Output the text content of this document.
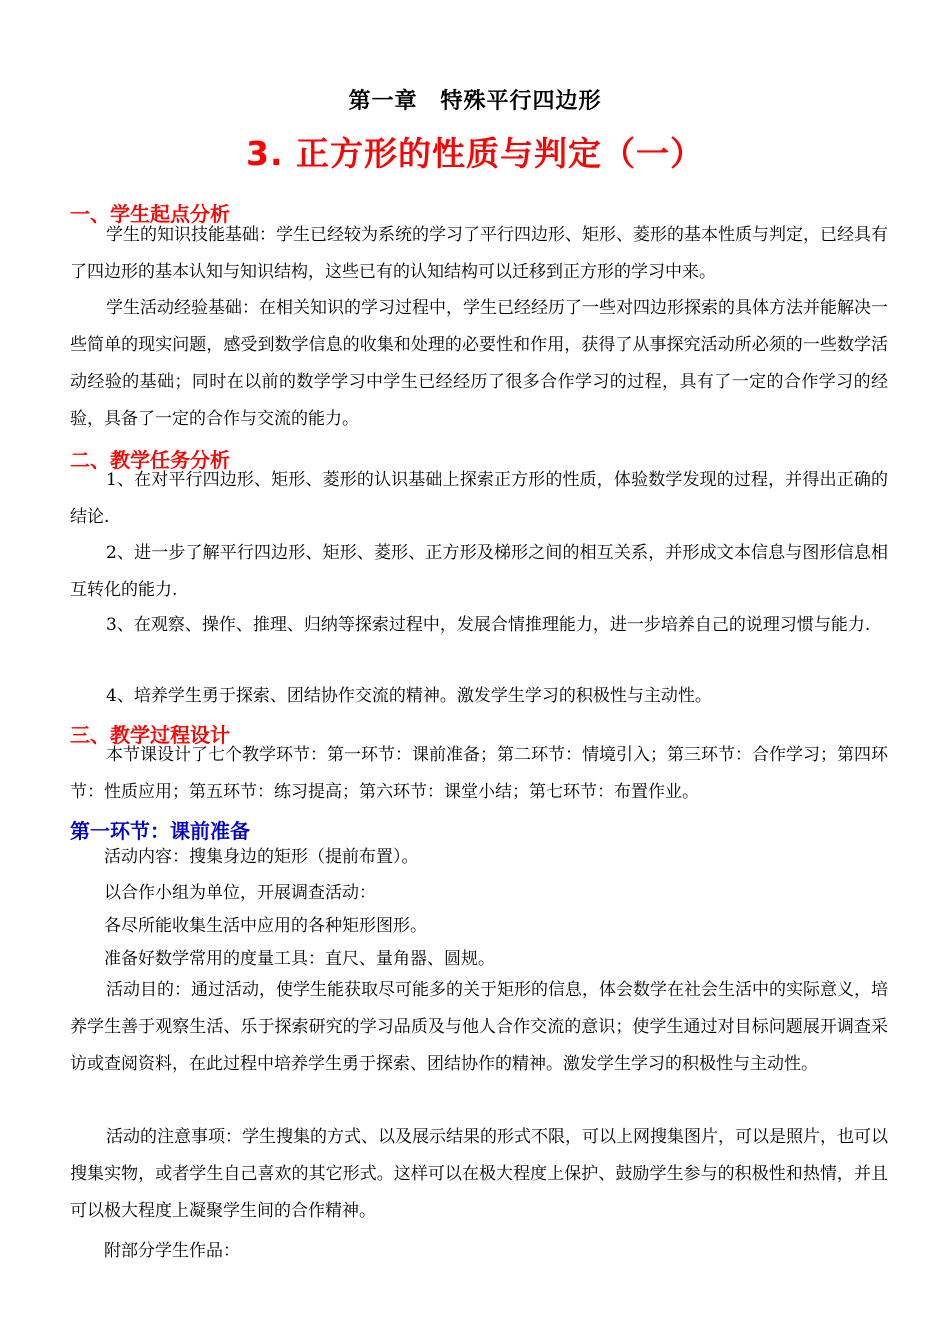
第一章　特殊平行四边形
3. 正方形的性质与判定（一）
一、学生起点分析
学生的知识技能基础：学生已经较为系统的学习了平行四边形、矩形、菱形的基本性质与判定，已经具有了四边形的基本认知与知识结构，这些已有的认知结构可以迁移到正方形的学习中来。
学生活动经验基础：在相关知识的学习过程中，学生已经经历了一些对四边形探索的具体方法并能解决一些简单的现实问题，感受到数学信息的收集和处理的必要性和作用，获得了从事探究活动所必须的一些数学活动经验的基础；同时在以前的数学学习中学生已经经历了很多合作学习的过程，具有了一定的合作学习的经验，具备了一定的合作与交流的能力。
二、教学任务分析
1、在对平行四边形、矩形、菱形的认识基础上探索正方形的性质，体验数学发现的过程，并得出正确的结论.
2、进一步了解平行四边形、矩形、菱形、正方形及梯形之间的相互关系，并形成文本信息与图形信息相互转化的能力.
3、在观察、操作、推理、归纳等探索过程中，发展合情推理能力，进一步培养自己的说理习惯与能力.
4、培养学生勇于探索、团结协作交流的精神。激发学生学习的积极性与主动性。
三、教学过程设计
本节课设计了七个教学环节：第一环节：课前准备；第二环节：情境引入；第三环节：合作学习；第四环节：性质应用；第五环节：练习提高；第六环节：课堂小结；第七环节：布置作业。
第一环节：课前准备
活动内容：搜集身边的矩形（提前布置）。
以合作小组为单位，开展调查活动：
各尽所能收集生活中应用的各种矩形图形。
准备好数学常用的度量工具：直尺、量角器、圆规。
活动目的：通过活动，使学生能获取尽可能多的关于矩形的信息，体会数学在社会生活中的实际意义，培养学生善于观察生活、乐于探索研究的学习品质及与他人合作交流的意识；使学生通过对目标问题展开调查采访或查阅资料，在此过程中培养学生勇于探索、团结协作的精神。激发学生学习的积极性与主动性。
活动的注意事项：学生搜集的方式、以及展示结果的形式不限，可以上网搜集图片，可以是照片，也可以搜集实物，或者学生自己喜欢的其它形式。这样可以在极大程度上保护、鼓励学生参与的积极性和热情，并且可以极大程度上凝聚学生间的合作精神。
附部分学生作品：
